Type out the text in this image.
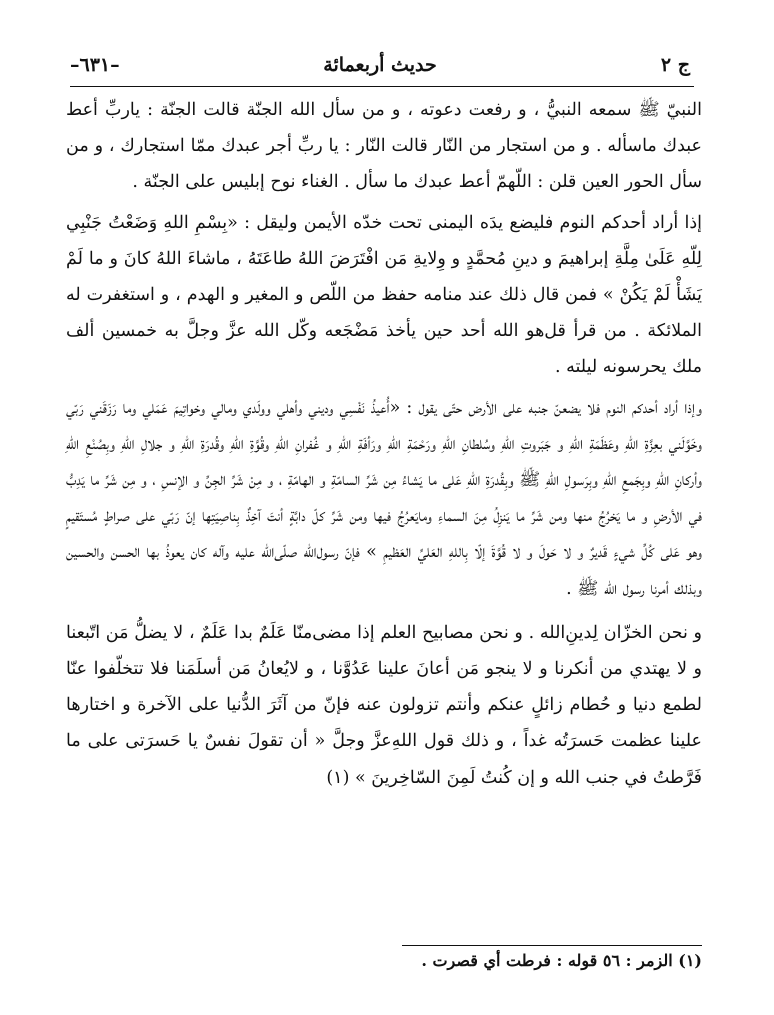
ج ٢
حديث أربعمائة
–٦٣١–

النبيّ ﷺ سمعه النبيُّ ، و رفعت دعوته ، و من سأل الله الجنّة قالت الجنّة : ياربِّ أعط عبدك ماسأله . و من استجار من النّار قالت النّار : يا ربِّ أجر عبدك ممّا استجارك ، و من سأل الحور العين قلن : اللّهمّ أعط عبدك ما سأل . الغناء نوح إبليس على الجنّة .

إذا أراد أحدكم النوم فليضع يدَه اليمنى تحت خدّه الأيمن وليقل : «بِسْمِ اللهِ وَضَعْتُ جَنْبِي لِلّهِ عَلَىٰ مِلَّةِ إبراهيمَ و دينِ مُحمَّدٍ و وِلايةِ مَن افْتَرَضَ اللهُ طاعَتَهُ ، ماشاءَ اللهُ كانَ و ما لَمْ يَشَأْ لَمْ يَكُنْ » فمن قال ذلك عند منامه حفظ من اللّص و المغير و الهدم ، و استغفرت له الملائكة . من قرأ قل‌هو الله أحد حين يأخذ مَضْجَعه وكّل الله عزَّ وجلَّ به خمسين ألف ملك يحرسونه ليلته .

وإذا أراد أحدكم النوم فلا يضعنّ جنبه على الأرض حتّى يقول : «أُعيذُ نَفْسِي وديني وأهلي وولَدي ومالي وخواتِيمَ عَمَلي وما رَزَقَني رَبّي وخَوَّلَني بعِزَّةِ اللهِ وعَظَمَةِ اللهِ و جَبَروتِ اللهِ وسُلطانِ اللهِ ورَحْمَةِ اللهِ ورَأفَةِ اللهِ و غُفرانِ اللهِ وقُوَّةِ اللهِ وقُدرَةِ اللهِ و جلالِ اللهِ وبِصُنْعِ اللهِ وأركانِ اللهِ وبِجَمعِ اللهِ وبِرَسولِ اللهِ ﷺ وبِقُدرَةِ اللهِ عَلى ما يَشاءُ مِن شَرِّ السامّةِ و الهامّةِ ، و مِنْ شَرِّ الجِنِّ و الإنسِ ، و مِن شَرِّ ما يَدِبُّ في الأرضِ و ما يَخرُجُ منها ومن شَرِّ ما يَنزِلُ مِنَ السماءِ ومايَعرُجُ فيها ومن شَرِّ كلّ دابَّةٍ أنتَ آخِذٌ بِناصِيَتِها إنّ رَبّي على صراطٍ مُستَقيمٍ وهو عَلى كُلِّ شيءٍ قَديرٌ و لا حَولَ و لا قُوَّةَ إلّا بِاللهِ العَليِّ العَظيمِ » فإنّ رسول‌الله صلّى‌الله عليه وآله كان يعوذُ بها الحسن والحسين وبذلك أمرنا رسول الله ﷺ .

و نحن الخزّان لِدينِ‌الله . و نحن مصابيح العلم إذا مضى‌منّا عَلَمٌ بدا عَلَمٌ ، لا يضلُّ مَن اتّبعنا و لا يهتدي من أنكرنا و لا ينجو مَن أعانَ علينا عَدُوَّنا ، و لايُعانُ مَن أسلَمَنا فلا تتخلّفوا عنّا لطمع دنيا و حُطام زائلٍ عنكم وأنتم تزولون عنه فإنّ من آثَرَ الدُّنيا على الآخرة و اختارها علينا عظمت حَسرَتُه غداً ، و ذلك قول اللهِ‌عزَّ وجلَّ « أن تقولَ نفسٌ يا حَسرَتى على ما فَرَّطتُ في جنب الله و إن كُنتُ لَمِنَ السّاخِرينَ » (١)

(١) الزمر : ٥٦ قوله : فرطت أي قصرت .
